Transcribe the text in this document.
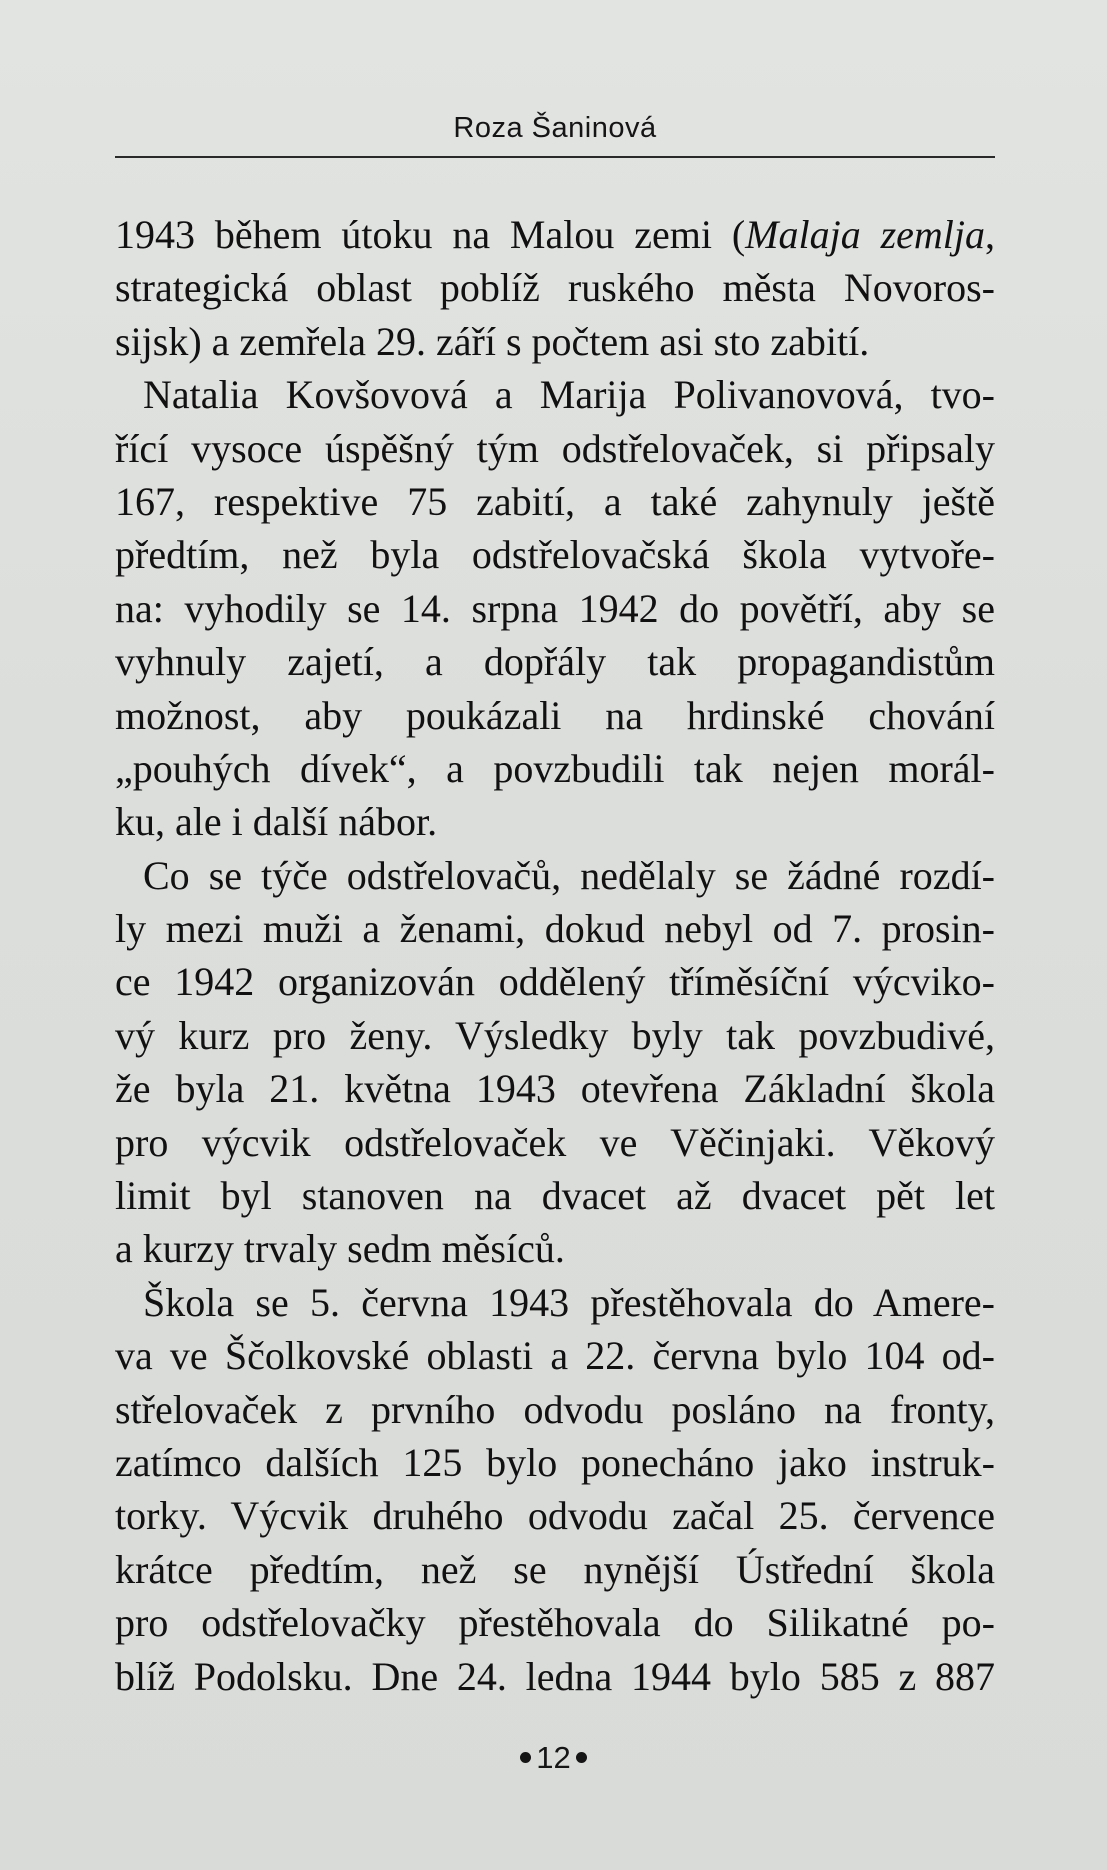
Roza Šaninová
1943 během útoku na Malou zemi (Malaja zemlja,
strategická oblast poblíž ruského města Novoros-
sijsk) a zemřela 29. září s počtem asi sto zabití.
Natalia Kovšovová a Marija Polivanovová, tvo-
řící vysoce úspěšný tým odstřelovaček, si připsaly
167, respektive 75 zabití, a také zahynuly ještě
předtím, než byla odstřelovačská škola vytvoře-
na: vyhodily se 14. srpna 1942 do povětří, aby se
vyhnuly zajetí, a dopřály tak propagandistům
možnost, aby poukázali na hrdinské chování
„pouhých dívek“, a povzbudili tak nejen morál-
ku, ale i další nábor.
Co se týče odstřelovačů, nedělaly se žádné rozdí-
ly mezi muži a ženami, dokud nebyl od 7. prosin-
ce 1942 organizován oddělený tříměsíční výcviko-
vý kurz pro ženy. Výsledky byly tak povzbudivé,
že byla 21. května 1943 otevřena Základní škola
pro výcvik odstřelovaček ve Věčinjaki. Věkový
limit byl stanoven na dvacet až dvacet pět let
a kurzy trvaly sedm měsíců.
Škola se 5. června 1943 přestěhovala do Amere-
va ve Ščolkovské oblasti a 22. června bylo 104 od-
střelovaček z prvního odvodu posláno na fronty,
zatímco dalších 125 bylo ponecháno jako instruk-
torky. Výcvik druhého odvodu začal 25. července
krátce předtím, než se nynější Ústřední škola
pro odstřelovačky přestěhovala do Silikatné po-
blíž Podolsku. Dne 24. ledna 1944 bylo 585 z 887
12
